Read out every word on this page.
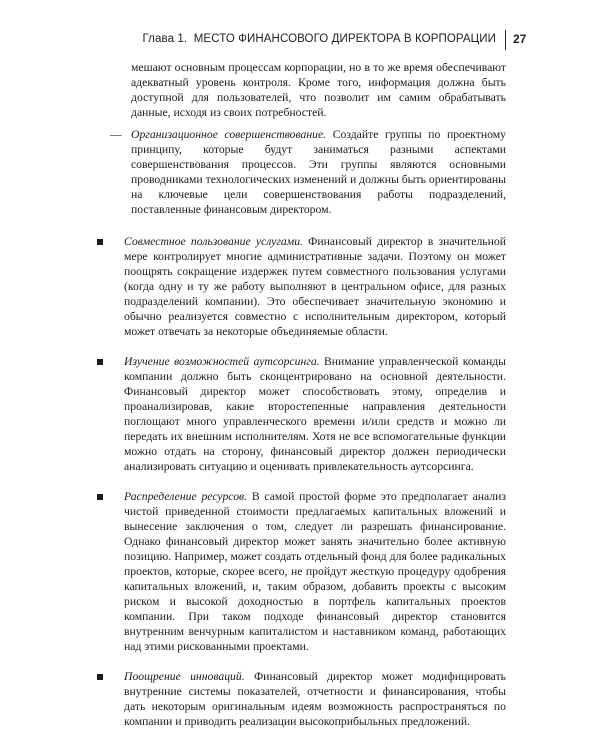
Глава 1. МЕСТО ФИНАНСОВОГО ДИРЕКТОРА В КОРПОРАЦИИ 27

мешают основным процессам корпорации, но в то же время обеспечивают адекватный уровень контроля. Кроме того, информация должна быть доступной для пользователей, что позволит им самим обрабатывать данные, исходя из своих потребностей.

— Организационное совершенствование. Создайте группы по проектному принципу, которые будут заниматься разными аспектами совершенствования процессов. Эти группы являются основными проводниками технологических изменений и должны быть ориентированы на ключевые цели совершенствования работы подразделений, поставленные финансовым директором.
Совместное пользование услугами. Финансовый директор в значительной мере контролирует многие административные задачи. Поэтому он может поощрять сокращение издержек путем совместного пользования услугами (когда одну и ту же работу выполняют в центральном офисе, для разных подразделений компании). Это обеспечивает значительную экономию и обычно реализуется совместно с исполнительным директором, который может отвечать за некоторые объединяемые области.
Изучение возможностей аутсорсинга. Внимание управленческой команды компании должно быть сконцентрировано на основной деятельности. Финансовый директор может способствовать этому, определив и проанализировав, какие второстепенные направления деятельности поглощают много управленческого времени и/или средств и можно ли передать их внешним исполнителям. Хотя не все вспомогательные функции можно отдать на сторону, финансовый директор должен периодически анализировать ситуацию и оценивать привлекательность аутсорсинга.
Распределение ресурсов. В самой простой форме это предполагает анализ чистой приведенной стоимости предлагаемых капитальных вложений и вынесение заключения о том, следует ли разрешать финансирование. Однако финансовый директор может занять значительно более активную позицию. Например, может создать отдельный фонд для более радикальных проектов, которые, скорее всего, не пройдут жесткую процедуру одобрения капитальных вложений, и, таким образом, добавить проекты с высоким риском и высокой доходностью в портфель капитальных проектов компании. При таком подходе финансовый директор становится внутренним венчурным капиталистом и наставником команд, работающих над этими рискованными проектами.
Поощрение инноваций. Финансовый директор может модифицировать внутренние системы показателей, отчетности и финансирования, чтобы дать некоторым оригинальным идеям возможность распространяться по компании и приводить реализации высокоприбыльных предложений.
